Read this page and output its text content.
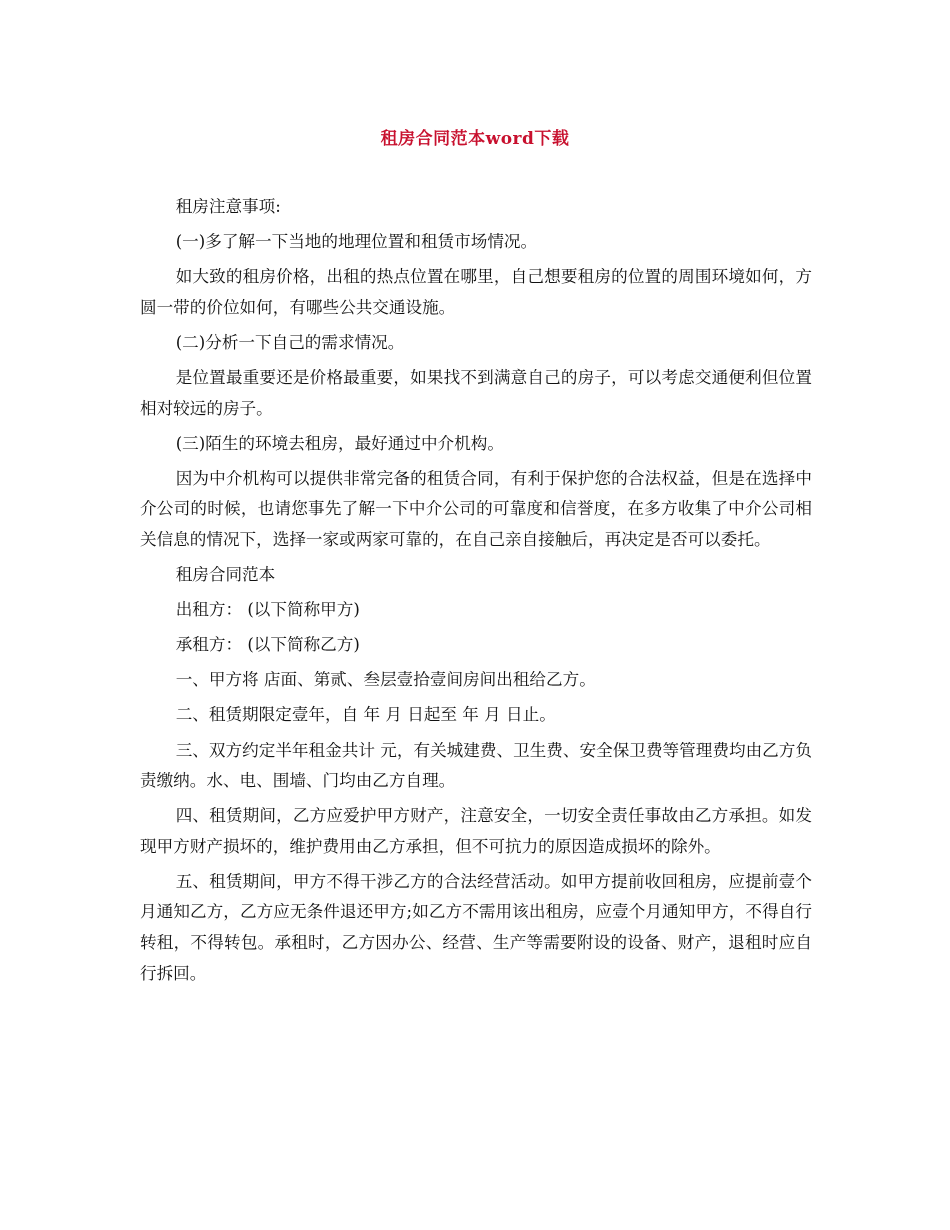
租房合同范本word下载

租房注意事项:

(一)多了解一下当地的地理位置和租赁市场情况。

如大致的租房价格，出租的热点位置在哪里，自己想要租房的位置的周围环境如何，方圆一带的价位如何，有哪些公共交通设施。

(二)分析一下自己的需求情况。

是位置最重要还是价格最重要，如果找不到满意自己的房子，可以考虑交通便利但位置相对较远的房子。

(三)陌生的环境去租房，最好通过中介机构。

因为中介机构可以提供非常完备的租赁合同，有利于保护您的合法权益，但是在选择中介公司的时候，也请您事先了解一下中介公司的可靠度和信誉度，在多方收集了中介公司相关信息的情况下，选择一家或两家可靠的，在自己亲自接触后，再决定是否可以委托。

租房合同范本

出租方： (以下简称甲方)

承租方： (以下简称乙方)

一、甲方将 店面、第贰、叁层壹拾壹间房间出租给乙方。

二、租赁期限定壹年，自 年 月 日起至 年 月 日止。

三、双方约定半年租金共计 元，有关城建费、卫生费、安全保卫费等管理费均由乙方负责缴纳。水、电、围墙、门均由乙方自理。

四、租赁期间，乙方应爱护甲方财产，注意安全，一切安全责任事故由乙方承担。如发现甲方财产损坏的，维护费用由乙方承担，但不可抗力的原因造成损坏的除外。

五、租赁期间，甲方不得干涉乙方的合法经营活动。如甲方提前收回租房，应提前壹个月通知乙方，乙方应无条件退还甲方;如乙方不需用该出租房，应壹个月通知甲方，不得自行转租，不得转包。承租时，乙方因办公、经营、生产等需要附设的设备、财产，退租时应自行拆回。
